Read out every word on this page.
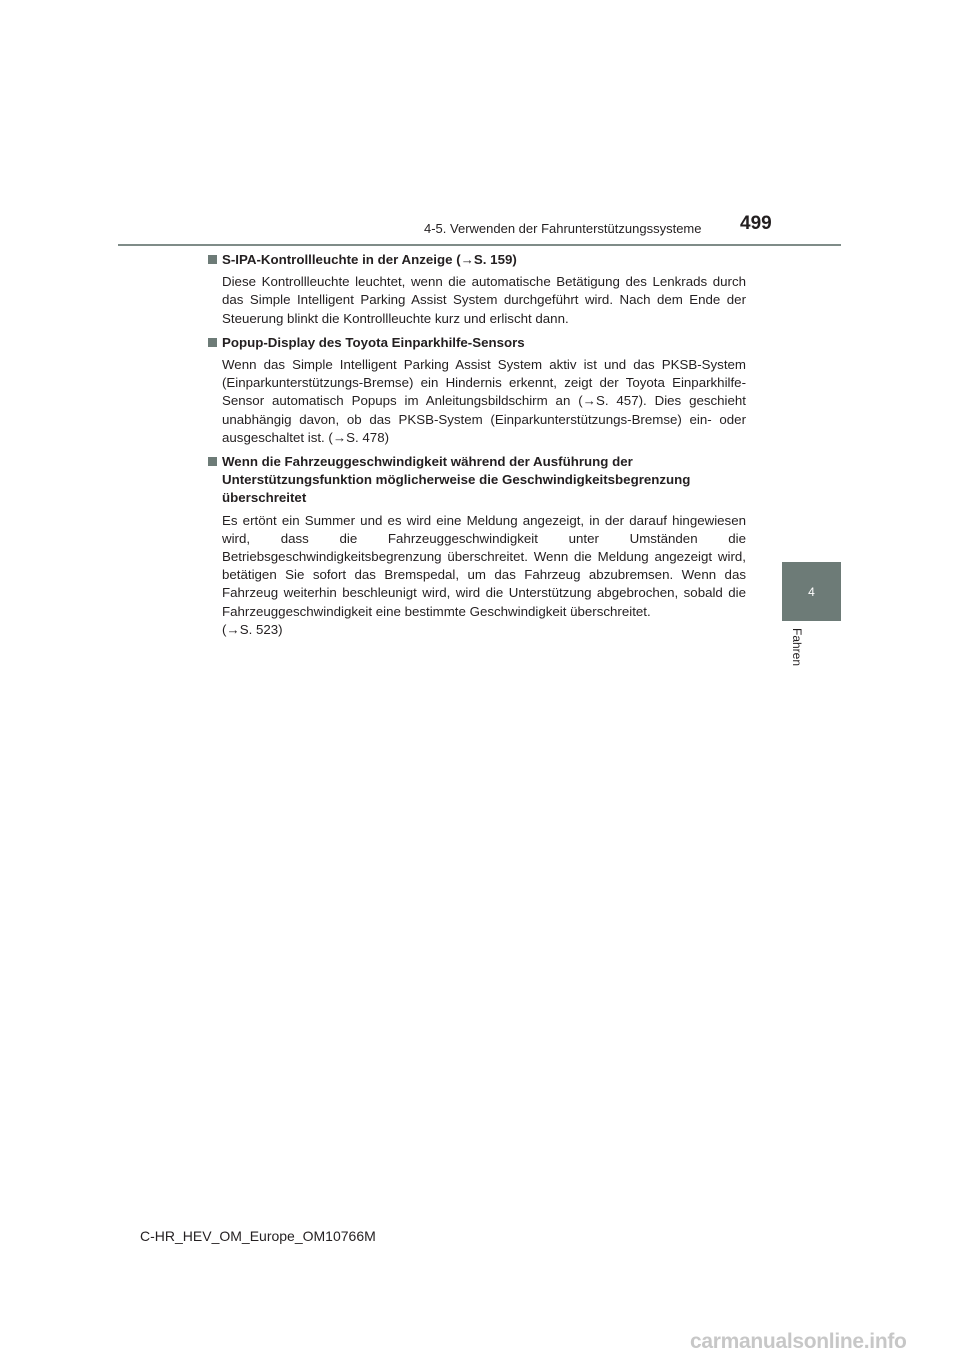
4-5. Verwenden der Fahrunterstützungssysteme	499
4
Fahren
S-IPA-Kontrollleuchte in der Anzeige (→S. 159)
Diese Kontrollleuchte leuchtet, wenn die automatische Betätigung des Lenkrads durch das Simple Intelligent Parking Assist System durchgeführt wird. Nach dem Ende der Steuerung blinkt die Kontrollleuchte kurz und erlischt dann.
Popup-Display des Toyota Einparkhilfe-Sensors
Wenn das Simple Intelligent Parking Assist System aktiv ist und das PKSB-System (Einparkunterstützungs-Bremse) ein Hindernis erkennt, zeigt der Toyota Einparkhilfe-Sensor automatisch Popups im Anleitungsbildschirm an (→S. 457). Dies geschieht unabhängig davon, ob das PKSB-System (Einparkunterstützungs-Bremse) ein- oder ausgeschaltet ist. (→S. 478)
Wenn die Fahrzeuggeschwindigkeit während der Ausführung der Unterstützungsfunktion möglicherweise die Geschwindigkeitsbegrenzung überschreitet
Es ertönt ein Summer und es wird eine Meldung angezeigt, in der darauf hingewiesen wird, dass die Fahrzeuggeschwindigkeit unter Umständen die Betriebsgeschwindigkeitsbegrenzung überschreitet. Wenn die Meldung angezeigt wird, betätigen Sie sofort das Bremspedal, um das Fahrzeug abzubremsen. Wenn das Fahrzeug weiterhin beschleunigt wird, wird die Unterstützung abgebrochen, sobald die Fahrzeuggeschwindigkeit eine bestimmte Geschwindigkeit überschreitet.
(→S. 523)
C-HR_HEV_OM_Europe_OM10766M
carmanualsonline.info
